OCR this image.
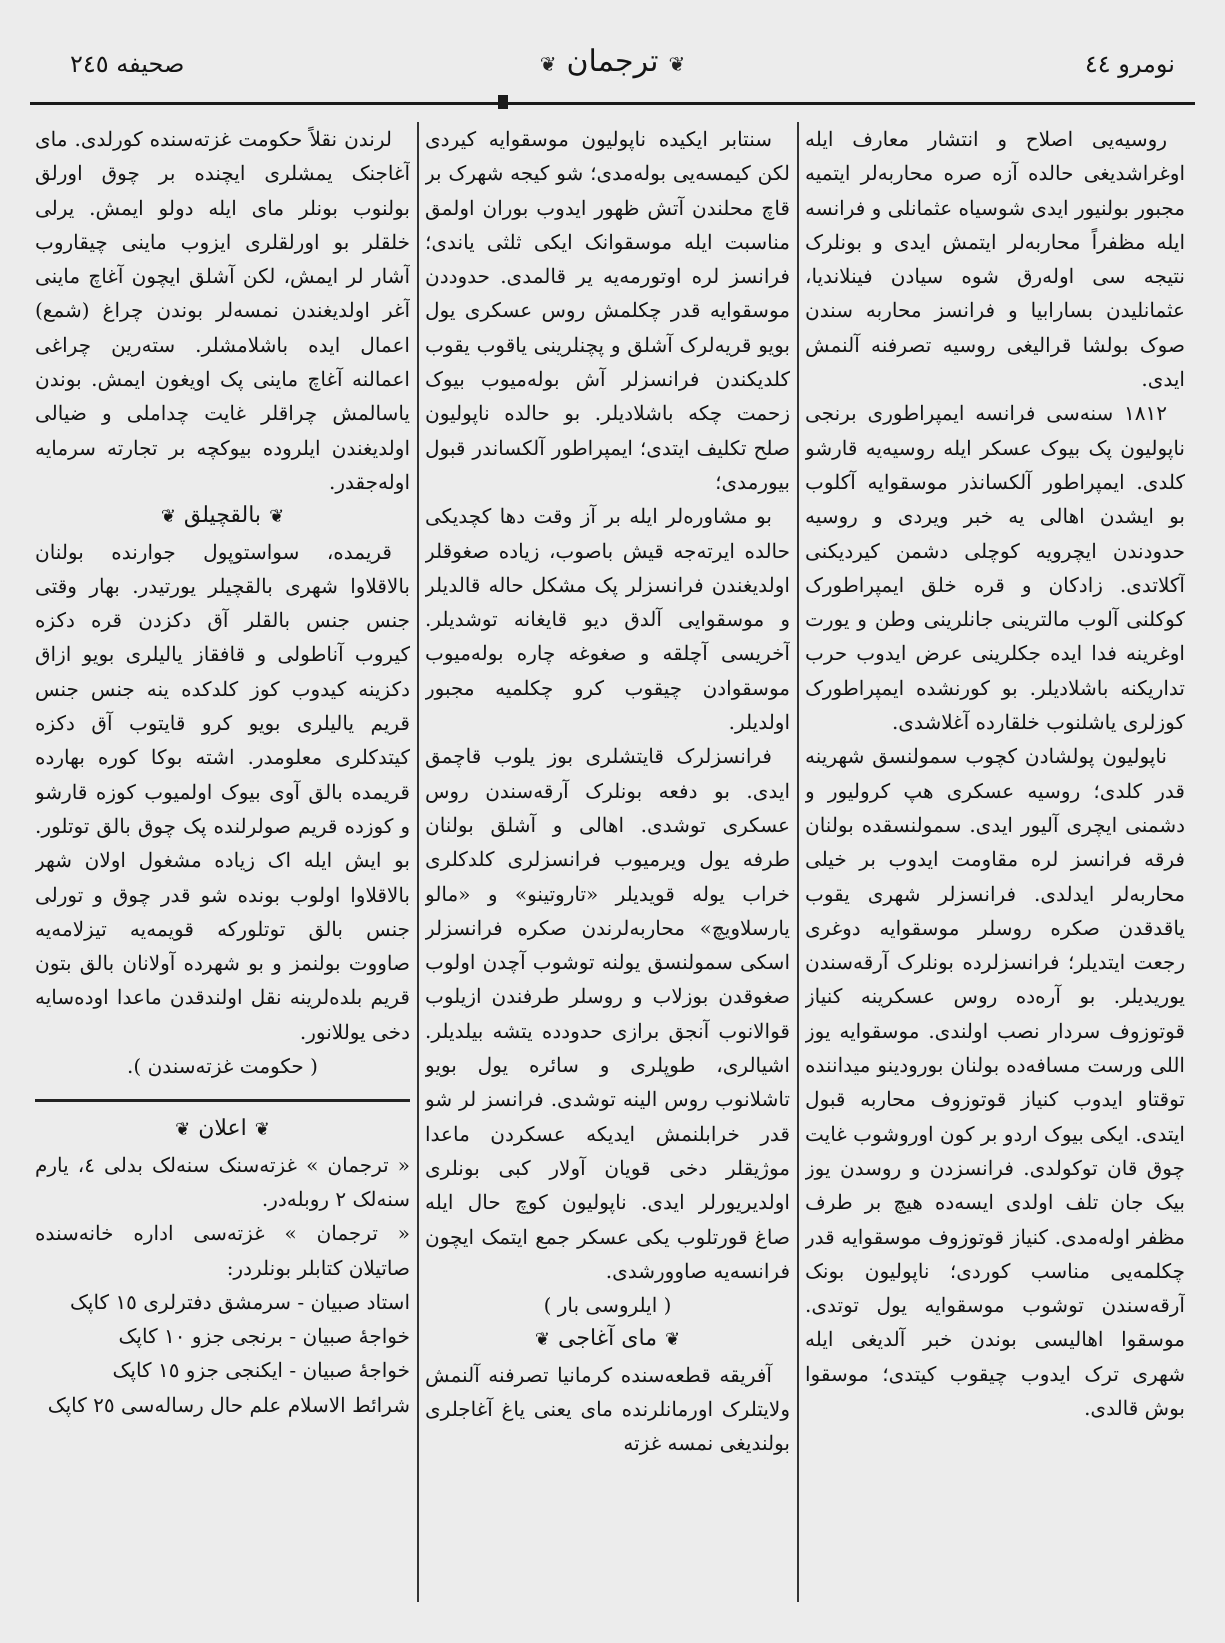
صحیفه ٢٤٥	❦ترجمان❦	نومرو ٤٤

روسیه‌یی اصلاح و انتشار معارف ایله اوغراشدیغی حالده آزه صره محاربه‌لر ایتمیه مجبور بولنیور ایدی شوسیاه عثمانلی و فرانسه ایله مظفراً محاربه‌لر ایتمش ایدی و بونلرک نتیجه سی اوله‌رق شوه سیادن فینلاندیا، عثمانلیدن بسارابیا و فرانسز محاربه سندن صوک بولشا قرالیغی روسیه تصرفنه آلنمش ایدی.

١٨١٢ سنه‌سی فرانسه ایمپراطوری برنجی ناپولیون پک بیوک عسکر ایله روسیه‌یه قارشو کلدی. ایمپراطور آلکسانذر موسقوایه آکلوب بو ایشدن اهالی یه خبر ویردی و روسیه حدودندن ایچرویه کوچلی دشمن کیردیکنی آکلاتدی. زادکان و قره خلق ایمپراطورک کوکلنی آلوب مالترینی جانلرینی وطن و یورت اوغرینه فدا ایده جکلرینی عرض ایدوب حرب تداریکنه باشلادیلر. بو کورنشده ایمپراطورک کوزلری یاشلنوب خلقارده آغلاشدی.

ناپولیون پولشادن کچوب سمولنسق شهرینه قدر کلدی؛ روسیه عسکری هپ کرولیور و دشمنی ایچری آلیور ایدی. سمولنسقده بولنان فرقه فرانسز لره مقاومت ایدوب بر خیلی محاربه‌لر ایدلدی. فرانسزلر شهری یقوب یاقدقدن صکره روسلر موسقوایه دوغری رجعت ایتدیلر؛ فرانسزلرده بونلرک آرقه‌سندن یوریدیلر. بو آره‌ده روس عسکرینه کنیاز قوتوزوف سردار نصب اولندی. موسقوایه یوز اللی ورست مسافه‌ده بولنان بورودینو میداننده توقتاو ایدوب کنیاز قوتوزوف محاربه قبول ایتدی. ایکی بیوک اردو بر کون اوروشوب غایت چوق قان توکولدی. فرانسزدن و روسدن یوز بیک جان تلف اولدی ایسه‌ده هیچ بر طرف مظفر اوله‌مدی. کنیاز قوتوزوف موسقوایه قدر چکلمه‌یی مناسب کوردی؛ ناپولیون بونک آرقه‌سندن توشوب موسقوایه یول توتدی. موسقوا اهالیسی بوندن خبر آلدیغی ایله شهری ترک ایدوب چیقوب کیتدی؛ موسقوا بوش قالدی.

سنتابر ایکیده ناپولیون موسقوایه کیردی لکن کیمسه‌یی بوله‌مدی؛ شو کیجه شهرک بر قاچ محلندن آتش ظهور ایدوب بوران اولمق مناسبت ایله موسقوانک ایکی ثلثی یاندی؛ فرانسز لره اوتورمه‌یه یر قالمدی. حدوددن موسقوایه قدر چکلمش روس عسکری یول بویو قریه‌لرک آشلق و پچنلرینی یاقوب یقوب کلدیکندن فرانسزلر آش بوله‌میوب بیوک زحمت چکه باشلادیلر. بو حالده ناپولیون صلح تکلیف ایتدی؛ ایمپراطور آلکساندر قبول بیورمدی؛

بو مشاوره‌لر ایله بر آز وقت دها کچدیکی حالده ایرته‌جه قیش باصوب، زیاده صغوقلر اولدیغندن فرانسزلر پک مشکل حاله قالدیلر و موسقوایی آلدق دیو قایغانه توشدیلر. آخریسی آچلقه و صغوغه چاره بوله‌میوب موسقوادن چیقوب کرو چکلمیه مجبور اولدیلر.

فرانسزلرک قایتشلری بوز یلوب قاچمق ایدی. بو دفعه بونلرک آرقه‌سندن روس عسکری توشدی. اهالی و آشلق بولنان طرفه یول ویرمیوب فرانسزلری کلدکلری خراب یوله قویدیلر «تاروتینو» و «مالو یارسلاویچ» محاربه‌لرندن صکره فرانسزلر اسکی سمولنسق یولنه توشوب آچدن اولوب صغوقدن بوزلاب و روسلر طرفندن ازیلوب قوالانوب آنجق برازی حدودده یتشه بیلدیلر. اشیالری، طوپلری و سائره یول بویو تاشلانوب روس الینه توشدی. فرانسز لر شو قدر خرابلنمش ایدیکه عسکردن ماعدا موژیقلر دخی قویان آولار کبی بونلری اولدیریورلر ایدی. ناپولیون کوچ حال ایله صاغ قورتلوب یکی عسکر جمع ایتمک ایچون فرانسه‌یه صاوورشدی.

( ایلروسی بار )

❦مای آغاجی❦

آفریقه قطعه‌سنده کرمانیا تصرفنه آلنمش ولایتلرک اورمانلرنده مای یعنی یاغ آغاجلری بولندیغی نمسه غزته

لرندن نقلاً حکومت غزته‌سنده کورلدی. مای آغاجنک یمشلری ایچنده بر چوق اورلق بولنوب بونلر مای ایله دولو ایمش. یرلی خلقلر بو اورلقلری ایزوب ماینی چیقاروب آشار لر ایمش، لکن آشلق ایچون آغاچ ماینی آغر اولدیغندن نمسه‌لر بوندن چراغ (شمع) اعمال ایده باشلامشلر. سته‌رین چراغی اعمالنه آغاچ ماینی پک اویغون ایمش. بوندن یاسالمش چراقلر غایت چداملی و ضیالی اولدیغندن ایلروده بیوکچه بر تجارته سرمایه اوله‌جقدر.

❦بالقچیلق❦

قریمده، سواستوپول جوارنده بولنان بالاقلاوا شهری بالقچیلر یورتیدر. بهار وقتی جنس جنس بالقلر آق دکزدن قره دکزه کیروب آناطولی و قافقاز یالیلری بویو ازاق دکزینه کیدوب کوز کلدکده ینه جنس جنس قریم یالیلری بویو کرو قایتوب آق دکزه کیتدکلری معلومدر. اشته بوکا کوره بهارده قریمده بالق آوی بیوک اولمیوب کوزه قارشو و کوزده قریم صولرلنده پک چوق بالق توتلور. بو ایش ایله اک زیاده مشغول اولان شهر بالاقلاوا اولوب بونده شو قدر چوق و تورلی جنس بالق توتلورکه قویمه‌یه تیزلامه‌یه صاووت بولنمز و بو شهرده آولانان بالق بتون قریم بلده‌لرینه نقل اولندقدن ماعدا اوده‌سایه دخی یوللانور.

( حکومت غزته‌سندن ).

❦اعلان❦

« ترجمان » غزته‌سنک سنه‌لک بدلی ٤، یارم سنه‌لک ٢ روبله‌در.

« ترجمان » غزته‌سی اداره خانه‌سنده صاتیلان کتابلر بونلردر:

استاد صبیان - سرمشق دفترلری ١٥ کاپک

خواجهٔ صبیان - برنجی جزو ١٠ کاپک

خواجهٔ صبیان - ایکنجی جزو ١٥ کاپک

شرائط الاسلام علم حال رساله‌سی ٢٥ کاپک
